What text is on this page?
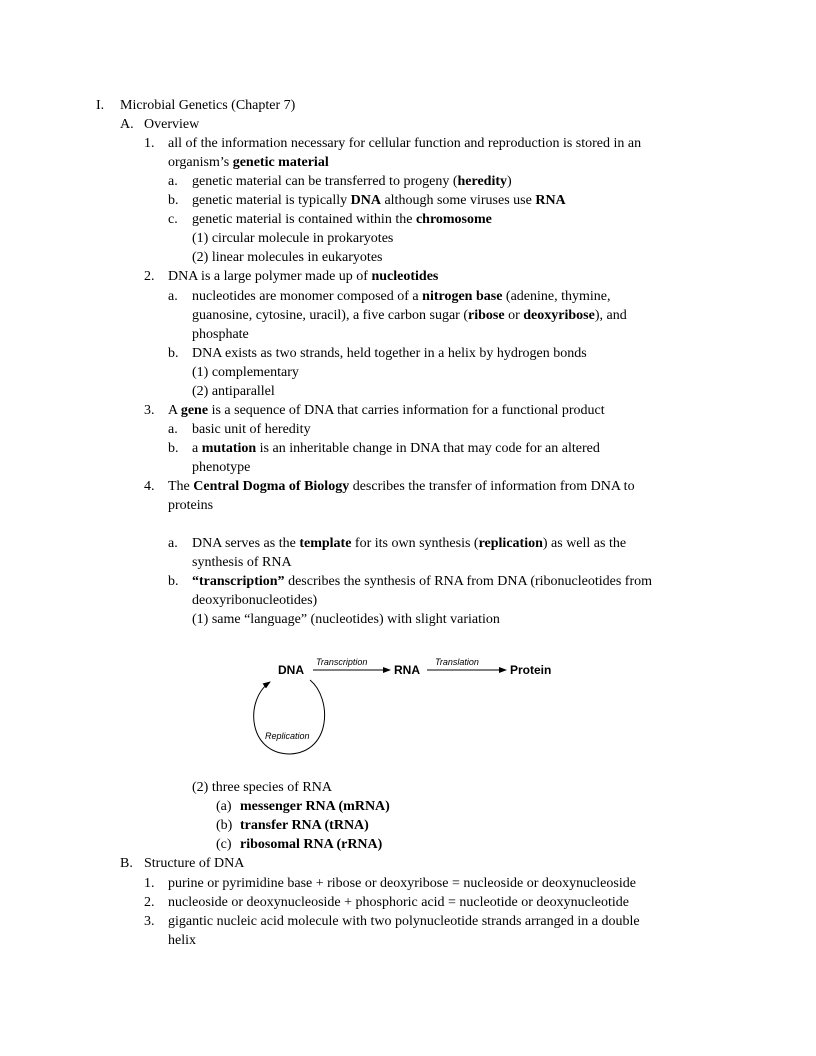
I. Microbial Genetics (Chapter 7)
A. Overview
1. all of the information necessary for cellular function and reproduction is stored in an
organism’s genetic material
a. genetic material can be transferred to progeny (heredity)
b. genetic material is typically DNA although some viruses use RNA
c. genetic material is contained within the chromosome
(1) circular molecule in prokaryotes
(2) linear molecules in eukaryotes
2. DNA is a large polymer made up of nucleotides
a. nucleotides are monomer composed of a nitrogen base (adenine, thymine,
guanosine, cytosine, uracil), a five carbon sugar (ribose or deoxyribose), and
phosphate
b. DNA exists as two strands, held together in a helix by hydrogen bonds
(1) complementary
(2) antiparallel
3. A gene is a sequence of DNA that carries information for a functional product
a. basic unit of heredity
b. a mutation is an inheritable change in DNA that may code for an altered
phenotype
4. The Central Dogma of Biology describes the transfer of information from DNA to
proteins
a. DNA serves as the template for its own synthesis (replication) as well as the
synthesis of RNA
b. “transcription” describes the synthesis of RNA from DNA (ribonucleotides from
deoxyribonucleotides)
(1) same “language” (nucleotides) with slight variation
DNA
Transcription
RNA
Translation
Protein
Replication
(2) three species of RNA
(a) messenger RNA (mRNA)
(b) transfer RNA (tRNA)
(c) ribosomal RNA (rRNA)
B. Structure of DNA
1. purine or pyrimidine base + ribose or deoxyribose = nucleoside or deoxynucleoside
2. nucleoside or deoxynucleoside + phosphoric acid = nucleotide or deoxynucleotide
3. gigantic nucleic acid molecule with two polynucleotide strands arranged in a double
helix
